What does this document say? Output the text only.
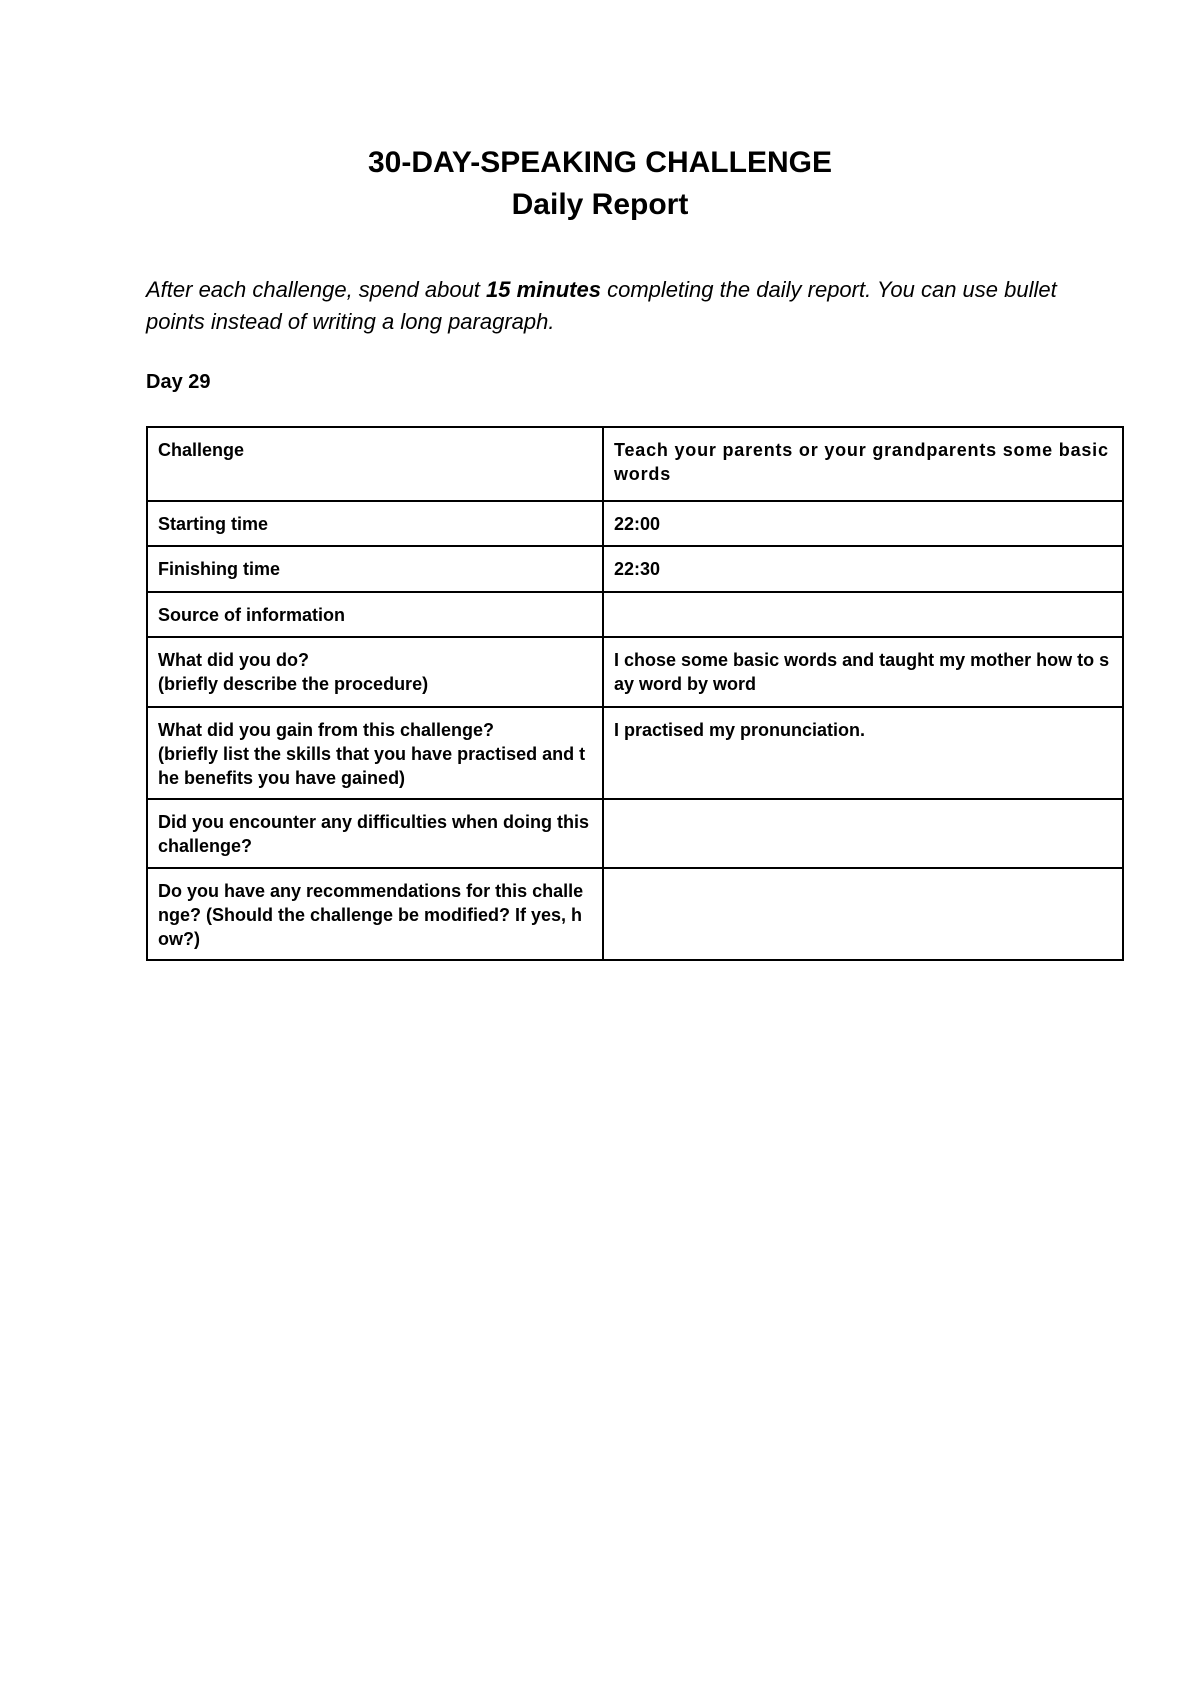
30-DAY-SPEAKING CHALLENGE
Daily Report

After each challenge, spend about 15 minutes completing the daily report. You can use bullet points instead of writing a long paragraph.

Day 29

Challenge	Teach your parents or your grandparents some basic words
Starting time	22:00
Finishing time	22:30
Source of information	
What did you do?
(briefly describe the procedure)	I chose some basic words and taught my mother how to say word by word
What did you gain from this challenge?
(briefly list the skills that you have practised and the benefits you have gained)	I practised my pronunciation.
Did you encounter any difficulties when doing this challenge?	
Do you have any recommendations for this challenge? (Should the challenge be modified? If yes, how?)	
